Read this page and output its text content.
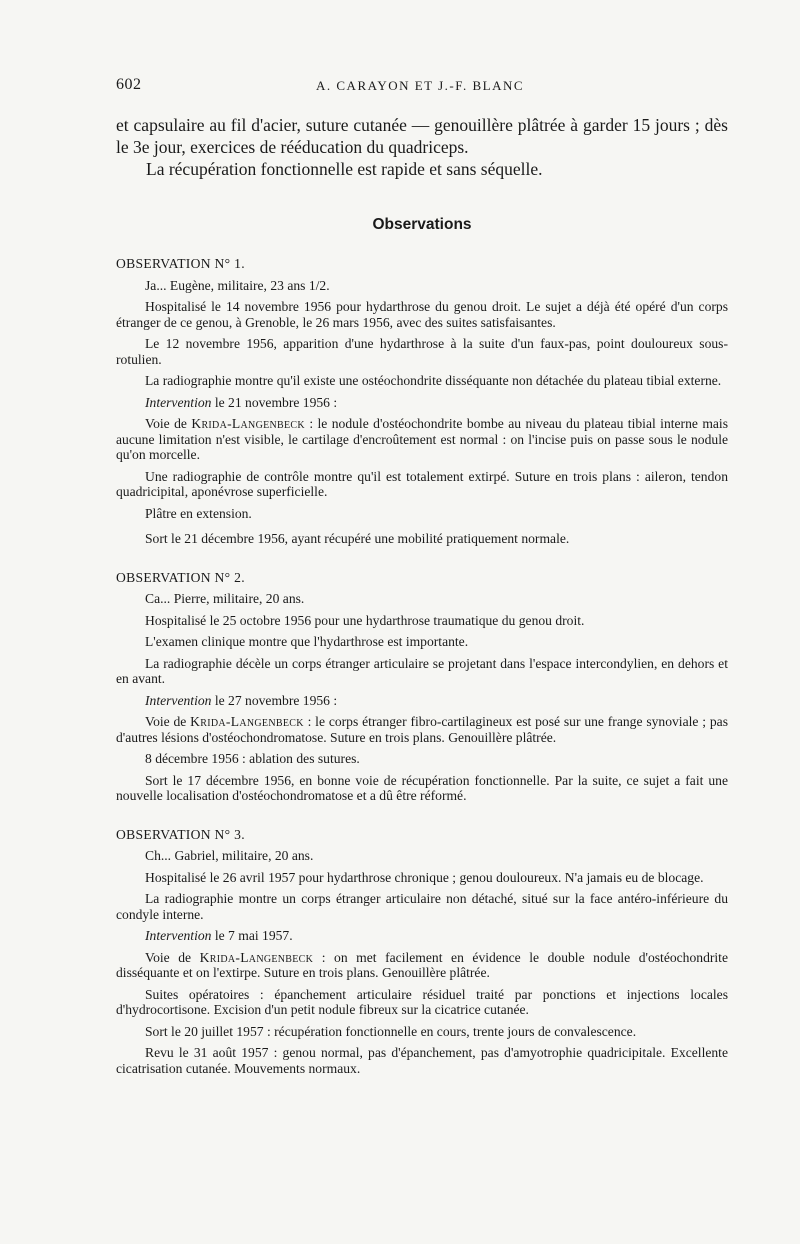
602	A. CARAYON ET J.-F. BLANC

et capsulaire au fil d'acier, suture cutanée — genouillère plâtrée à garder 15 jours ; dès le 3e jour, exercices de rééducation du quadriceps.

La récupération fonctionnelle est rapide et sans séquelle.

Observations
OBSERVATION N° 1.

Ja... Eugène, militaire, 23 ans 1/2.

Hospitalisé le 14 novembre 1956 pour hydarthrose du genou droit. Le sujet a déjà été opéré d'un corps étranger de ce genou, à Grenoble, le 26 mars 1956, avec des suites satisfaisantes.

Le 12 novembre 1956, apparition d'une hydarthrose à la suite d'un faux-pas, point douloureux sous-rotulien.

La radiographie montre qu'il existe une ostéochondrite disséquante non détachée du plateau tibial externe.

Intervention le 21 novembre 1956 :

Voie de Krida-Langenbeck : le nodule d'ostéochondrite bombe au niveau du plateau tibial interne mais aucune limitation n'est visible, le cartilage d'encroûtement est normal : on l'incise puis on passe sous le nodule qu'on morcelle.

Une radiographie de contrôle montre qu'il est totalement extirpé. Suture en trois plans : aileron, tendon quadricipital, aponévrose superficielle.

Plâtre en extension.

Sort le 21 décembre 1956, ayant récupéré une mobilité pratiquement normale.

OBSERVATION N° 2.

Ca... Pierre, militaire, 20 ans.

Hospitalisé le 25 octobre 1956 pour une hydarthrose traumatique du genou droit.

L'examen clinique montre que l'hydarthrose est importante.

La radiographie décèle un corps étranger articulaire se projetant dans l'espace intercondylien, en dehors et en avant.

Intervention le 27 novembre 1956 :

Voie de Krida-Langenbeck : le corps étranger fibro-cartilagineux est posé sur une frange synoviale ; pas d'autres lésions d'ostéochondromatose. Suture en trois plans. Genouillère plâtrée.

8 décembre 1956 : ablation des sutures.

Sort le 17 décembre 1956, en bonne voie de récupération fonctionnelle. Par la suite, ce sujet a fait une nouvelle localisation d'ostéochondromatose et a dû être réformé.

OBSERVATION N° 3.

Ch... Gabriel, militaire, 20 ans.

Hospitalisé le 26 avril 1957 pour hydarthrose chronique ; genou douloureux. N'a jamais eu de blocage.

La radiographie montre un corps étranger articulaire non détaché, situé sur la face antéro-inférieure du condyle interne.

Intervention le 7 mai 1957.

Voie de Krida-Langenbeck : on met facilement en évidence le double nodule d'ostéochondrite disséquante et on l'extirpe. Suture en trois plans. Genouillère plâtrée.

Suites opératoires : épanchement articulaire résiduel traité par ponctions et injections locales d'hydrocortisone. Excision d'un petit nodule fibreux sur la cicatrice cutanée.

Sort le 20 juillet 1957 : récupération fonctionnelle en cours, trente jours de convalescence.

Revu le 31 août 1957 : genou normal, pas d'épanchement, pas d'amyotrophie quadricipitale. Excellente cicatrisation cutanée. Mouvements normaux.
